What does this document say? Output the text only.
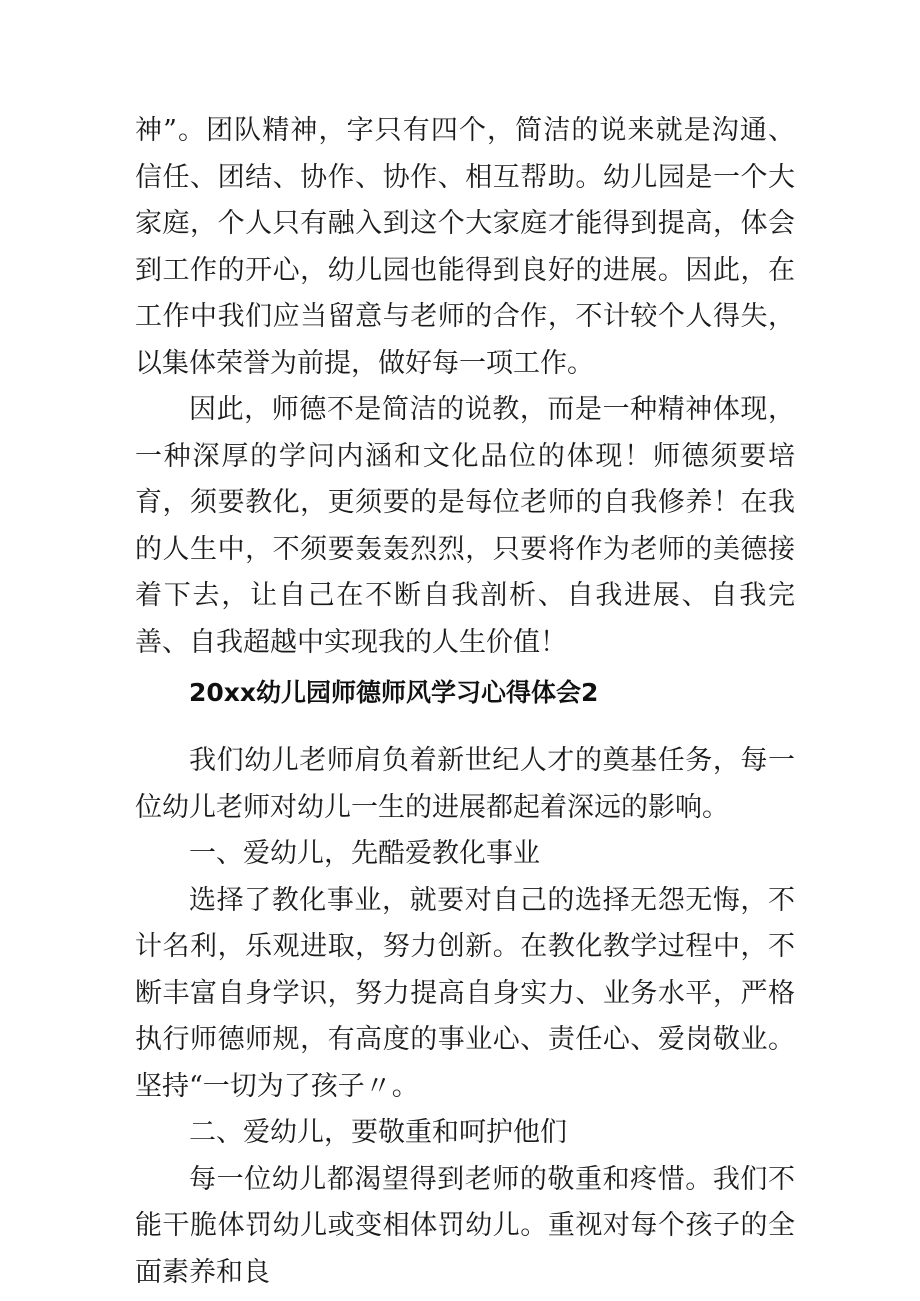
神”。团队精神，字只有四个，简洁的说来就是沟通、信任、团结、协作、协作、相互帮助。幼儿园是一个大家庭，个人只有融入到这个大家庭才能得到提高，体会到工作的开心，幼儿园也能得到良好的进展。因此，在工作中我们应当留意与老师的合作，不计较个人得失，以集体荣誉为前提，做好每一项工作。

因此，师德不是简洁的说教，而是一种精神体现，一种深厚的学问内涵和文化品位的体现！师德须要培育，须要教化，更须要的是每位老师的自我修养！在我的人生中，不须要轰轰烈烈，只要将作为老师的美德接着下去，让自己在不断自我剖析、自我进展、自我完善、自我超越中实现我的人生价值！

20xx幼儿园师德师风学习心得体会2

我们幼儿老师肩负着新世纪人才的奠基任务，每一位幼儿老师对幼儿一生的进展都起着深远的影响。

一、爱幼儿，先酷爱教化事业

选择了教化事业，就要对自己的选择无怨无悔，不计名利，乐观进取，努力创新。在教化教学过程中，不断丰富自身学识，努力提高自身实力、业务水平，严格执行师德师规，有高度的事业心、责任心、爱岗敬业。坚持“一切为了孩子〃。

二、爱幼儿，要敬重和呵护他们

每一位幼儿都渴望得到老师的敬重和疼惜。我们不能干脆体罚幼儿或变相体罚幼儿。重视对每个孩子的全面素养和良
